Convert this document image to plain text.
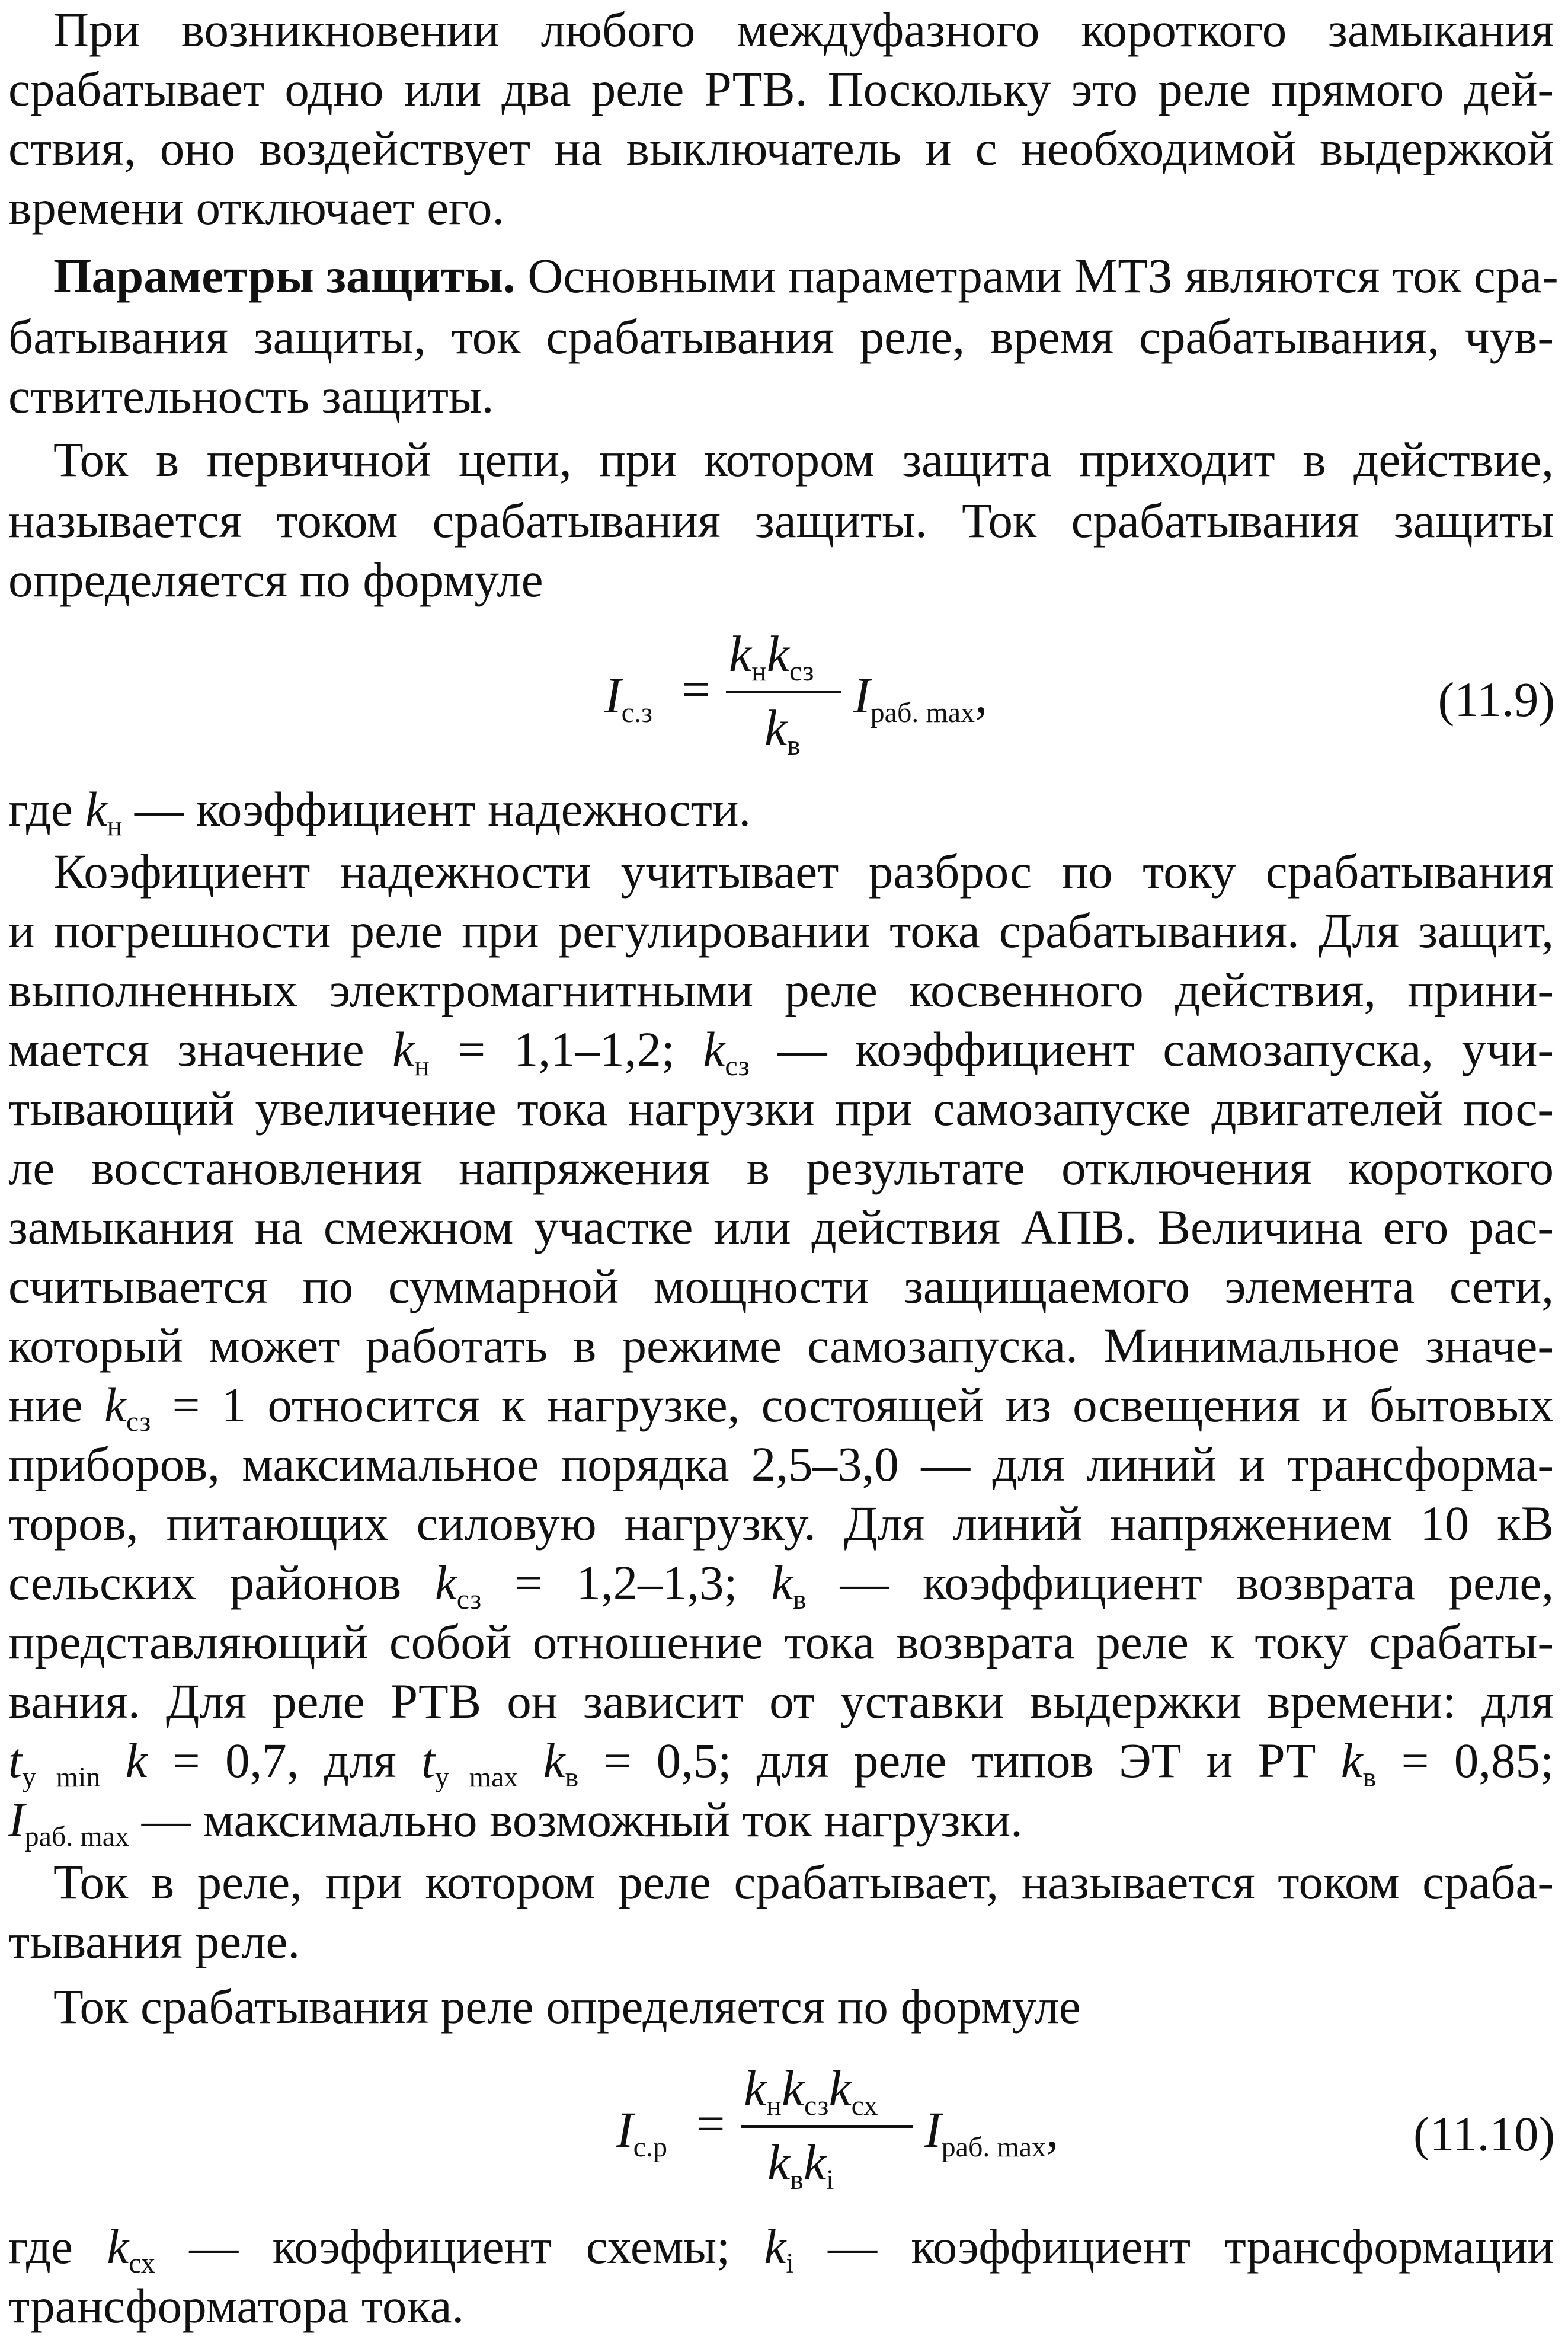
При возникновении любого междуфазного короткого замыкания
срабатывает одно или два реле РТВ. Поскольку это реле прямого дей-
ствия, оно воздействует на выключатель и с необходимой выдержкой
времени отключает его.
Параметры защиты. Основными параметрами МТЗ являются ток сра-
батывания защиты, ток срабатывания реле, время срабатывания, чув-
ствительность защиты.
Ток в первичной цепи, при котором защита приходит в действие,
называется током срабатывания защиты. Ток срабатывания защиты
определяется по формуле
$I_{с.з}$ =
$k_нk_{сз}$
$k_в$
$I_{раб. max}$,	(11.9)
где $k_н$ — коэффициент надежности.
Коэфициент надежности учитывает разброс по току срабатывания
и погрешности реле при регулировании тока срабатывания. Для защит,
выполненных электромагнитными реле косвенного действия, прини-
мается значение $k_н = 1,1-1,2$; $k_{сз}$ — коэффициент самозапуска, учи-
тывающий увеличение тока нагрузки при самозапуске двигателей пос-
ле восстановления напряжения в результате отключения короткого
замыкания на смежном участке или действия АПВ. Величина его рас-
считывается по суммарной мощности защищаемого элемента сети,
который может работать в режиме самозапуска. Минимальное значе-
ние $k_{сз} = 1$ относится к нагрузке, состоящей из освещения и бытовых
приборов, максимальное порядка 2,5–3,0 — для линий и трансформа-
торов, питающих силовую нагрузку. Для линий напряжением 10 кВ
сельских районов $k_{сз} = 1,2-1,3$; $k_в$ — коэффициент возврата реле,
представляющий собой отношение тока возврата реле к току срабаты-
вания. Для реле РТВ он зависит от уставки выдержки времени: для
$t_{y min}$ k = 0,7, для $t_{y max}$ $k_в = 0,5$; для реле типов ЭТ и РТ $k_в = 0,85$;
$I_{раб. max}$ — максимально возможный ток нагрузки.
Ток в реле, при котором реле срабатывает, называется током сраба-
тывания реле.
Ток срабатывания реле определяется по формуле
$I_{с.р}$ =
$k_нk_{сз}k_{сх}$
$k_вk_i$
$I_{раб. max}$,	(11.10)
где $k_{сх}$ — коэффициент схемы; $k_i$ — коэффициент трансформации
трансформатора тока.
